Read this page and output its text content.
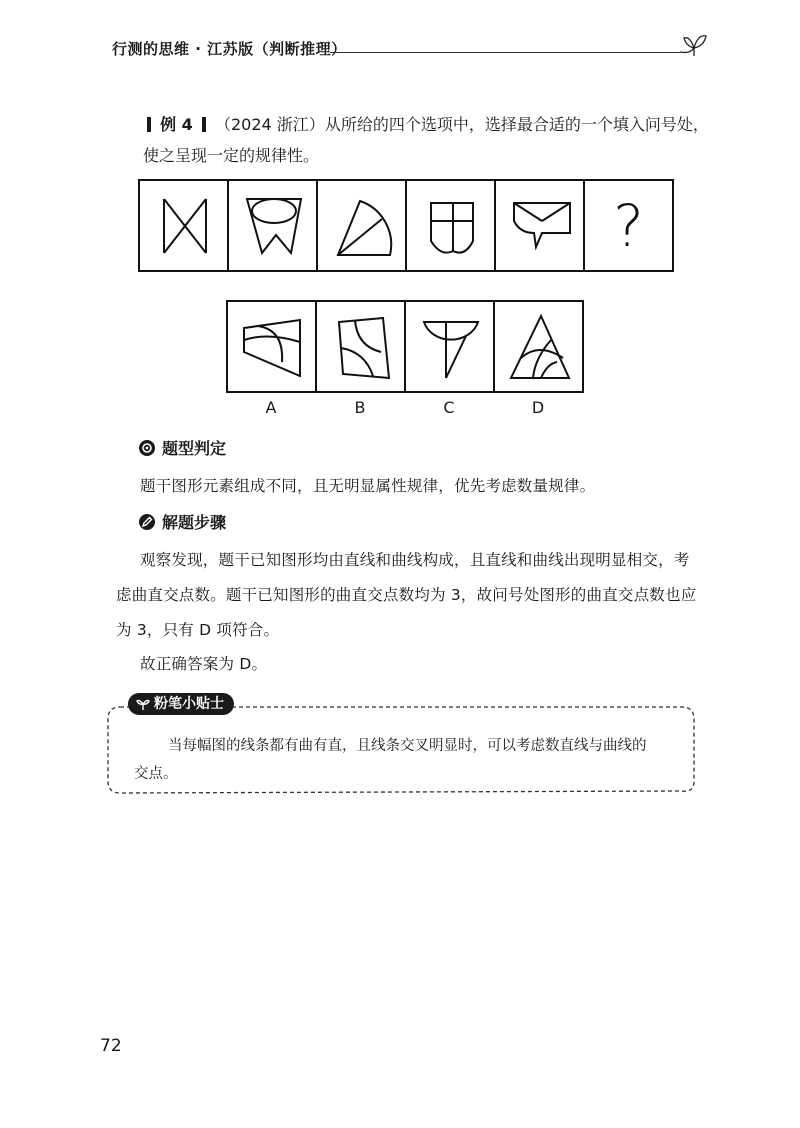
行测的思维 · 江苏版（判断推理）
例 4 （2024 浙江）从所给的四个选项中，选择最合适的一个填入问号处，
使之呈现一定的规律性。
?
A	B	C	D
题型判定
题干图形元素组成不同，且无明显属性规律，优先考虑数量规律。
解题步骤
观察发现，题干已知图形均由直线和曲线构成，且直线和曲线出现明显相交，考
虑曲直交点数。题干已知图形的曲直交点数均为 3，故问号处图形的曲直交点数也应
为 3，只有 D 项符合。
故正确答案为 D。
粉笔小贴士
当每幅图的线条都有曲有直，且线条交叉明显时，可以考虑数直线与曲线的
交点。
72
